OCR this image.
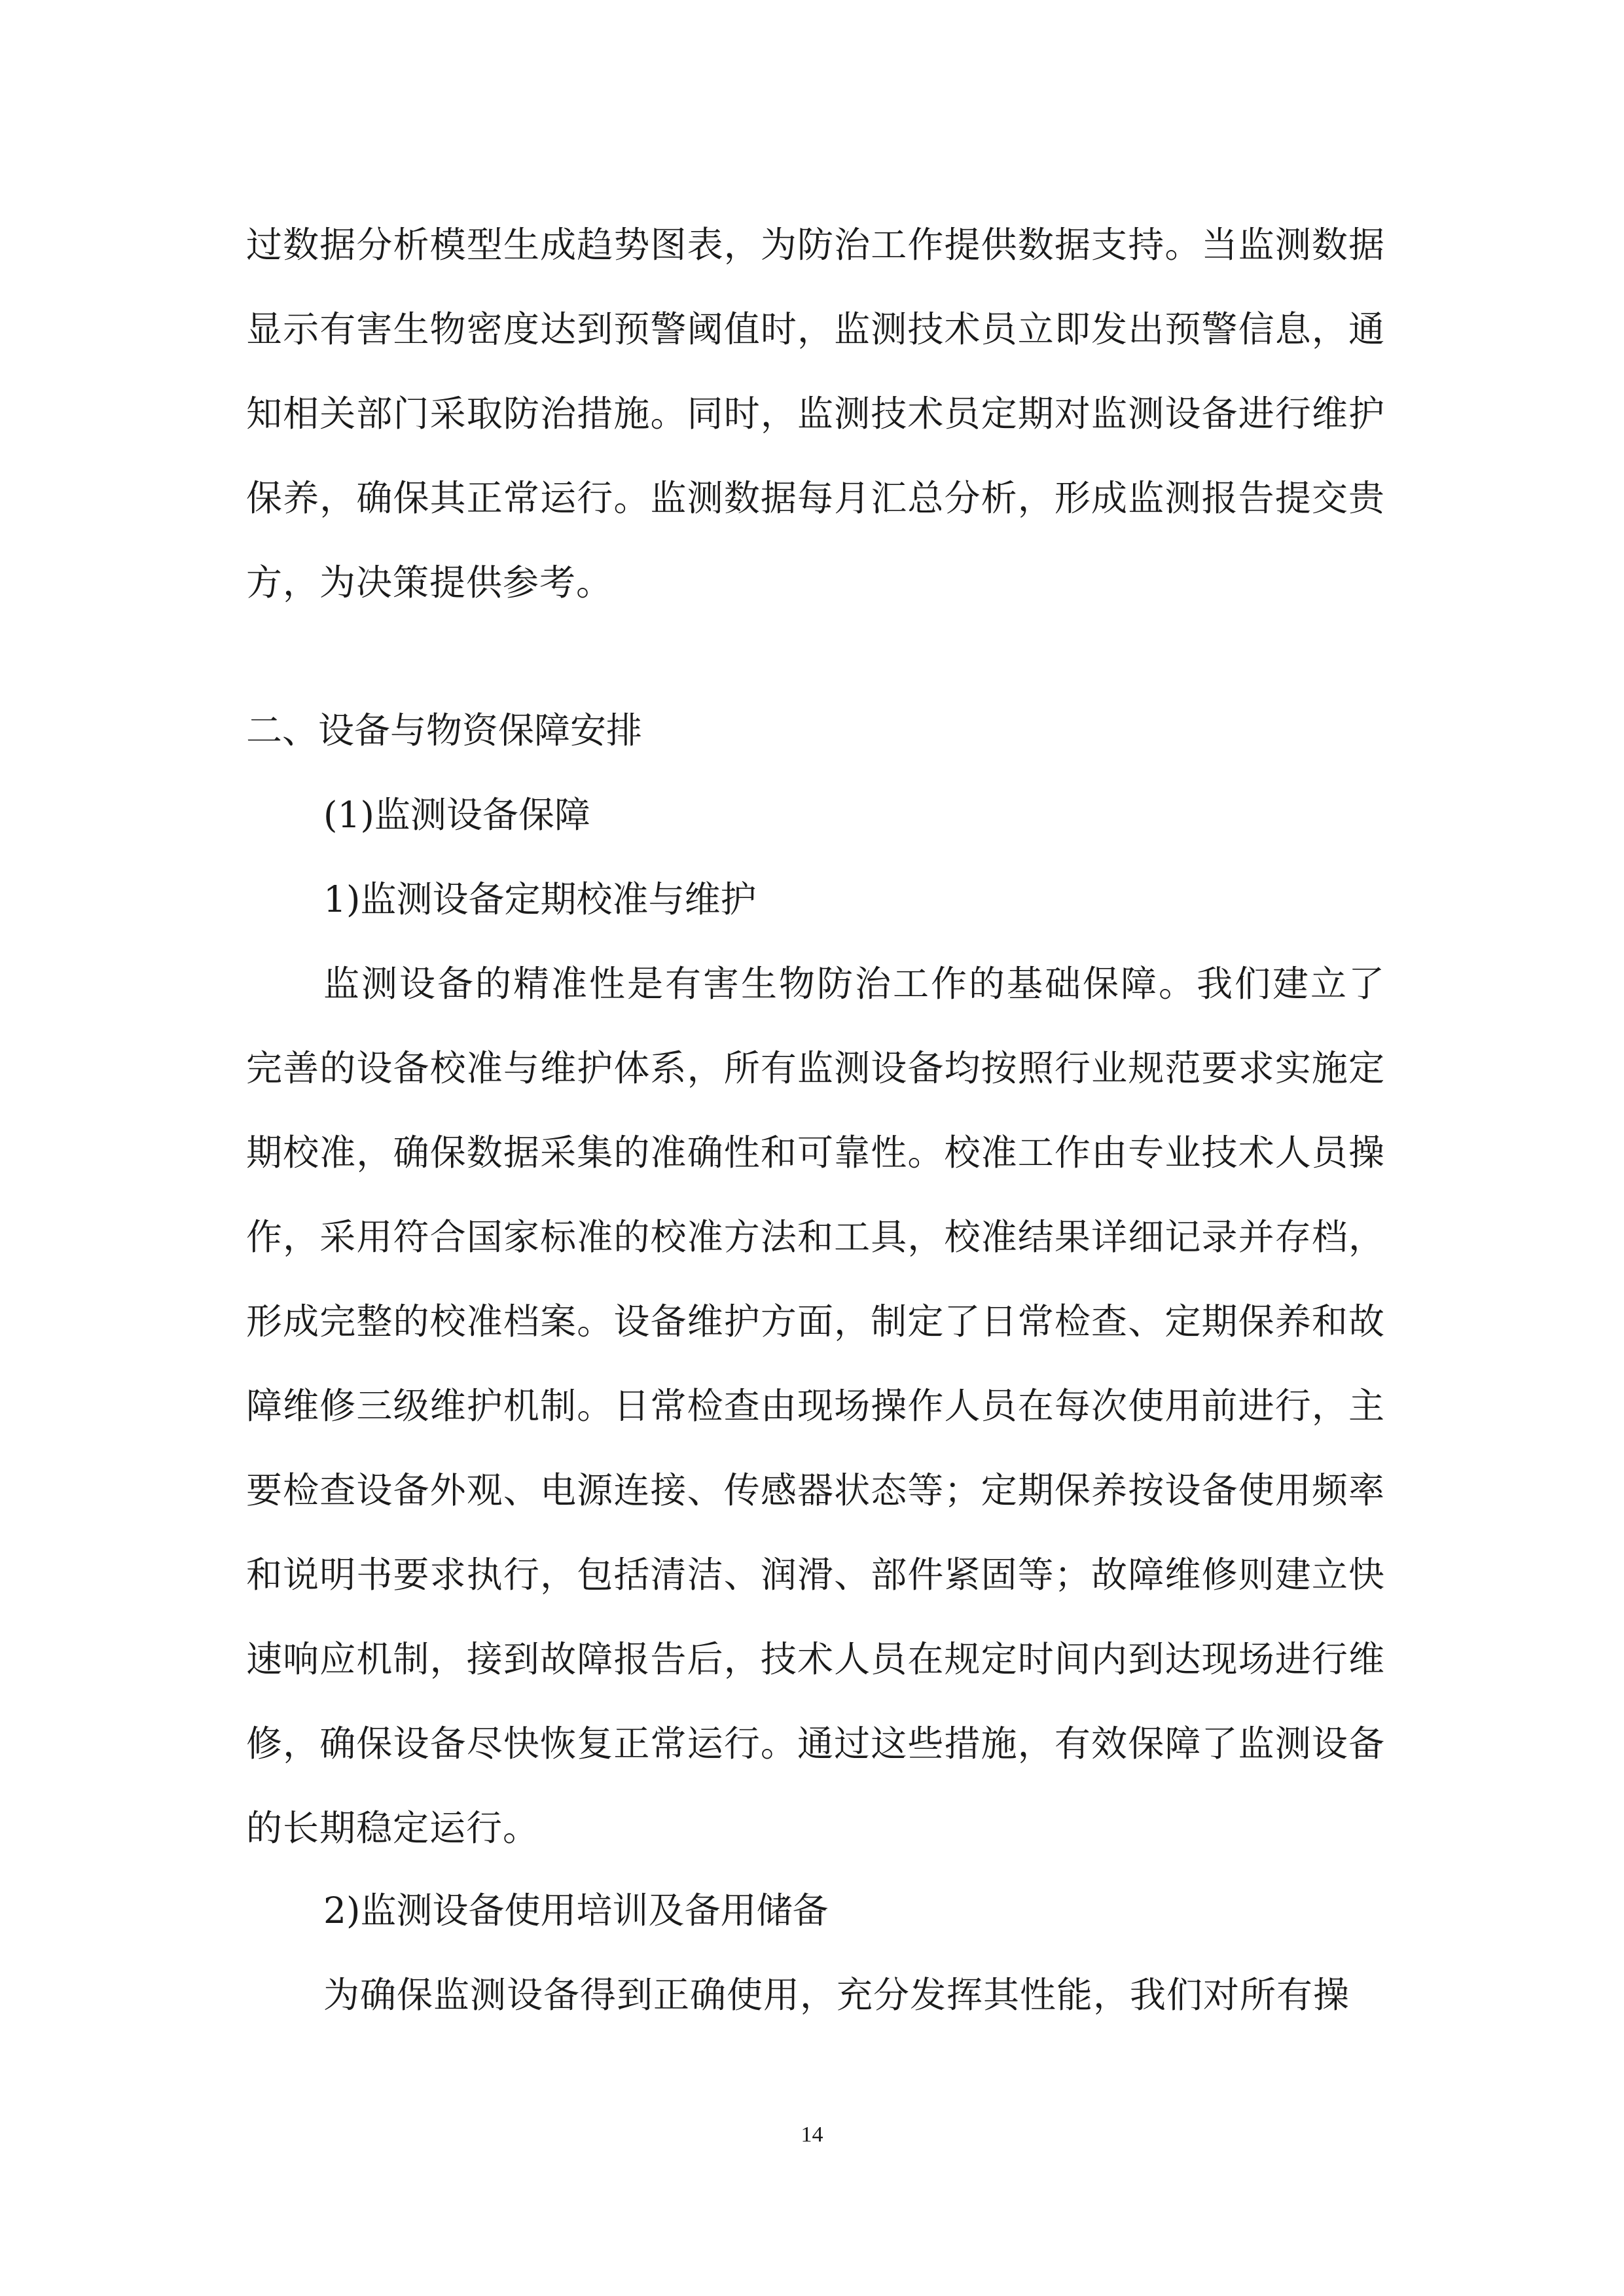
过数据分析模型生成趋势图表，为防治工作提供数据支持。当监测数据显示有害生物密度达到预警阈值时，监测技术员立即发出预警信息，通知相关部门采取防治措施。同时，监测技术员定期对监测设备进行维护保养，确保其正常运行。监测数据每月汇总分析，形成监测报告提交贵方，为决策提供参考。

二、设备与物资保障安排

(1)监测设备保障

1)监测设备定期校准与维护

监测设备的精准性是有害生物防治工作的基础保障。我们建立了完善的设备校准与维护体系，所有监测设备均按照行业规范要求实施定期校准，确保数据采集的准确性和可靠性。校准工作由专业技术人员操作，采用符合国家标准的校准方法和工具，校准结果详细记录并存档，形成完整的校准档案。设备维护方面，制定了日常检查、定期保养和故障维修三级维护机制。日常检查由现场操作人员在每次使用前进行，主要检查设备外观、电源连接、传感器状态等；定期保养按设备使用频率和说明书要求执行，包括清洁、润滑、部件紧固等；故障维修则建立快速响应机制，接到故障报告后，技术人员在规定时间内到达现场进行维修，确保设备尽快恢复正常运行。通过这些措施，有效保障了监测设备的长期稳定运行。

2)监测设备使用培训及备用储备

为确保监测设备得到正确使用，充分发挥其性能，我们对所有操

14
